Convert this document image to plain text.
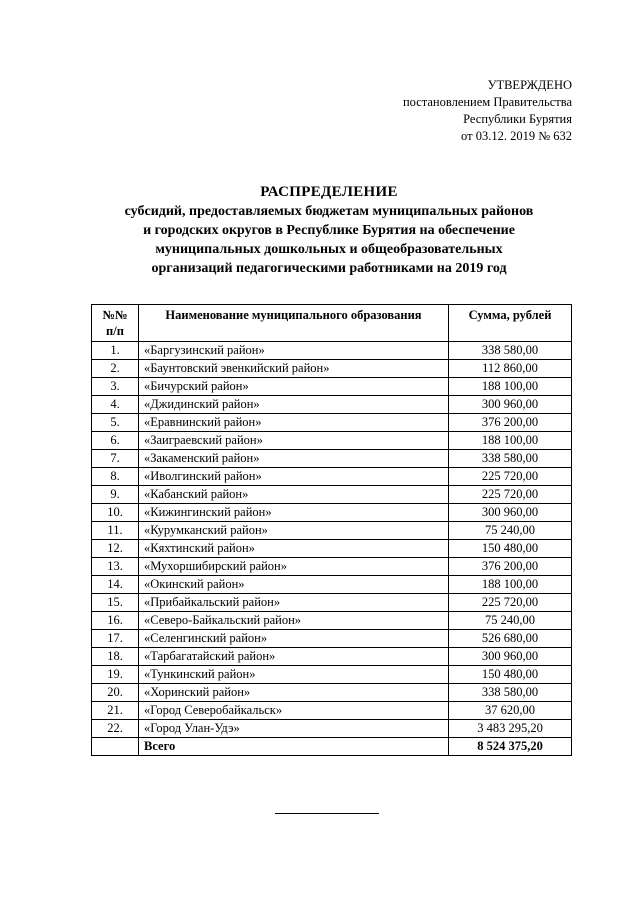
УТВЕРЖДЕНО
постановлением Правительства
Республики Бурятия
от 03.12. 2019 № 632
РАСПРЕДЕЛЕНИЕ
субсидий, предоставляемых бюджетам муниципальных районов
и городских округов в Республике Бурятия на обеспечение
муниципальных дошкольных и общеобразовательных
организаций педагогическими работниками на 2019 год
№№
п/п	Наименование муниципального образования	Сумма, рублей
1.	«Баргузинский район»	338 580,00
2.	«Баунтовский эвенкийский район»	112 860,00
3.	«Бичурский район»	188 100,00
4.	«Джидинский район»	300 960,00
5.	«Еравнинский район»	376 200,00
6.	«Заиграевский район»	188 100,00
7.	«Закаменский район»	338 580,00
8.	«Иволгинский район»	225 720,00
9.	«Кабанский район»	225 720,00
10.	«Кижингинский район»	300 960,00
11.	«Курумканский район»	75 240,00
12.	«Кяхтинский район»	150 480,00
13.	«Мухоршибирский район»	376 200,00
14.	«Окинский район»	188 100,00
15.	«Прибайкальский район»	225 720,00
16.	«Северо-Байкальский район»	75 240,00
17.	«Селенгинский район»	526 680,00
18.	«Тарбагатайский район»	300 960,00
19.	«Тункинский район»	150 480,00
20.	«Хоринский район»	338 580,00
21.	«Город Северобайкальск»	37 620,00
22.	«Город Улан-Удэ»	3 483 295,20
	Всего	8 524 375,20
